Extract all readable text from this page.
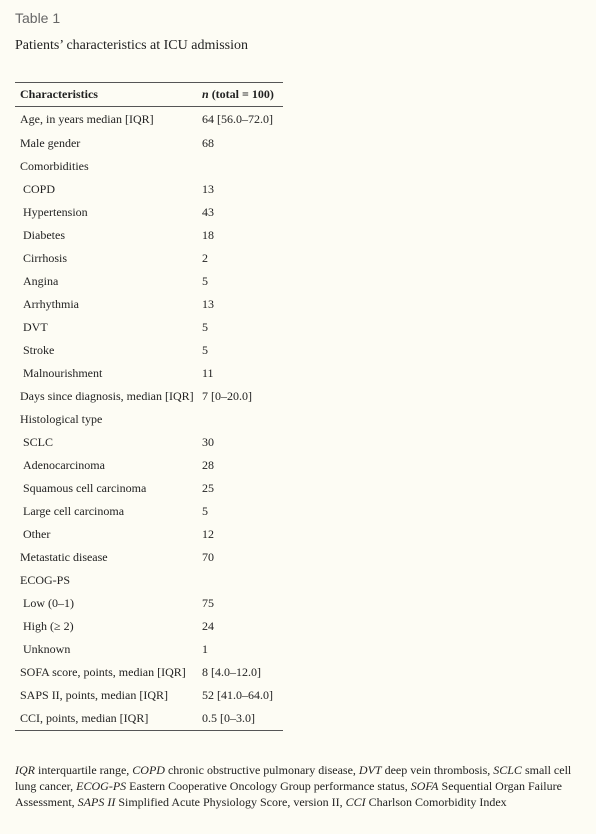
Table 1
Patients’ characteristics at ICU admission
Characteristics	n (total = 100)
Age, in years median [IQR]	64 [56.0–72.0]
Male gender	68
Comorbidities	
COPD	13
Hypertension	43
Diabetes	18
Cirrhosis	2
Angina	5
Arrhythmia	13
DVT	5
Stroke	5
Malnourishment	11
Days since diagnosis, median [IQR]	7 [0–20.0]
Histological type	
SCLC	30
Adenocarcinoma	28
Squamous cell carcinoma	25
Large cell carcinoma	5
Other	12
Metastatic disease	70
ECOG-PS	
Low (0–1)	75
High (≥ 2)	24
Unknown	1
SOFA score, points, median [IQR]	8 [4.0–12.0]
SAPS II, points, median [IQR]	52 [41.0–64.0]
CCI, points, median [IQR]	0.5 [0–3.0]
IQR interquartile range, COPD chronic obstructive pulmonary disease, DVT deep vein thrombosis, SCLC small cell lung cancer, ECOG-PS Eastern Cooperative Oncology Group performance status, SOFA Sequential Organ Failure Assessment, SAPS II Simplified Acute Physiology Score, version II, CCI Charlson Comorbidity Index
